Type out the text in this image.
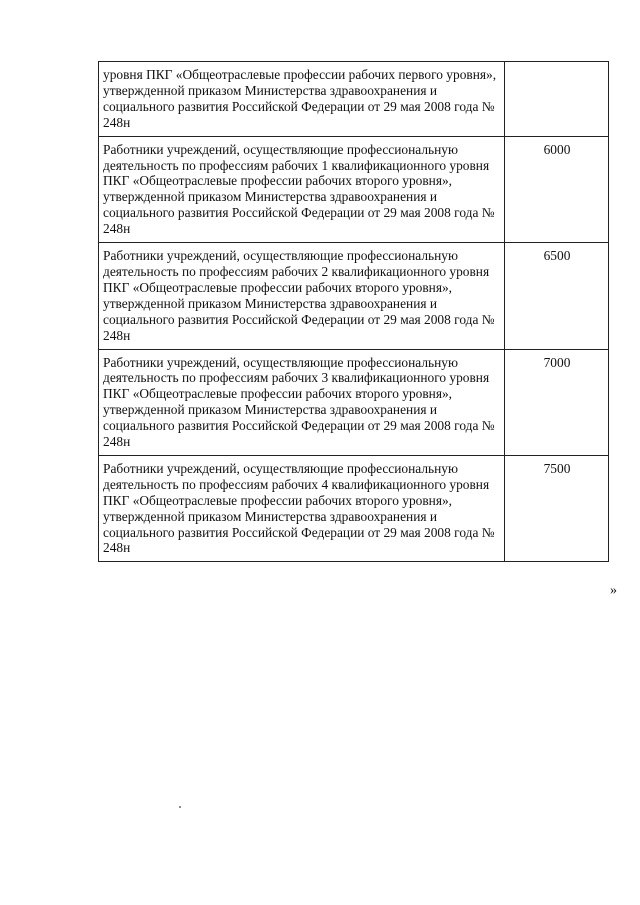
уровня ПКГ «Общеотраслевые профессии рабочих первого уровня», утвержденной приказом Министерства здравоохранения и социального развития Российской Федерации от 29 мая 2008 года № 248н	
Работники учреждений, осуществляющие профессиональную деятельность по профессиям рабочих 1 квалификационного уровня ПКГ «Общеотраслевые профессии рабочих второго уровня», утвержденной приказом Министерства здравоохранения и социального развития Российской Федерации от 29 мая 2008 года № 248н	6000
Работники учреждений, осуществляющие профессиональную деятельность по профессиям рабочих 2 квалификационного уровня ПКГ «Общеотраслевые профессии рабочих второго уровня», утвержденной приказом Министерства здравоохранения и социального развития Российской Федерации от 29 мая 2008 года № 248н	6500
Работники учреждений, осуществляющие профессиональную деятельность по профессиям рабочих 3 квалификационного уровня ПКГ «Общеотраслевые профессии рабочих второго уровня», утвержденной приказом Министерства здравоохранения и социального развития Российской Федерации от 29 мая 2008 года № 248н	7000
Работники учреждений, осуществляющие профессиональную деятельность по профессиям рабочих 4 квалификационного уровня ПКГ «Общеотраслевые профессии рабочих второго уровня», утвержденной приказом Министерства здравоохранения и социального развития Российской Федерации от 29 мая 2008 года № 248н	7500
»
